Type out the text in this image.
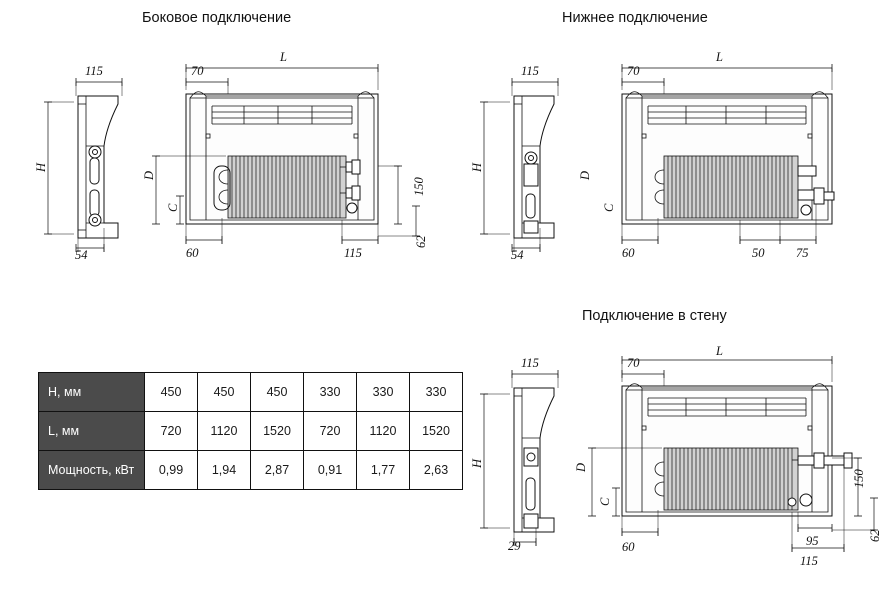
Боковое подключение	Нижнее подключение
Подключение в стену
115
54
H
70
L
D
C
60	115
150
62
115
54
H
70
L
D
C
60	50	75
115
29
H
70
L
D
C
60
150
62
95
115
H, мм	450	450	450	330	330	330
L, мм	720	1120	1520	720	1120	1520
Мощность, кВт	0,99	1,94	2,87	0,91	1,77	2,63
